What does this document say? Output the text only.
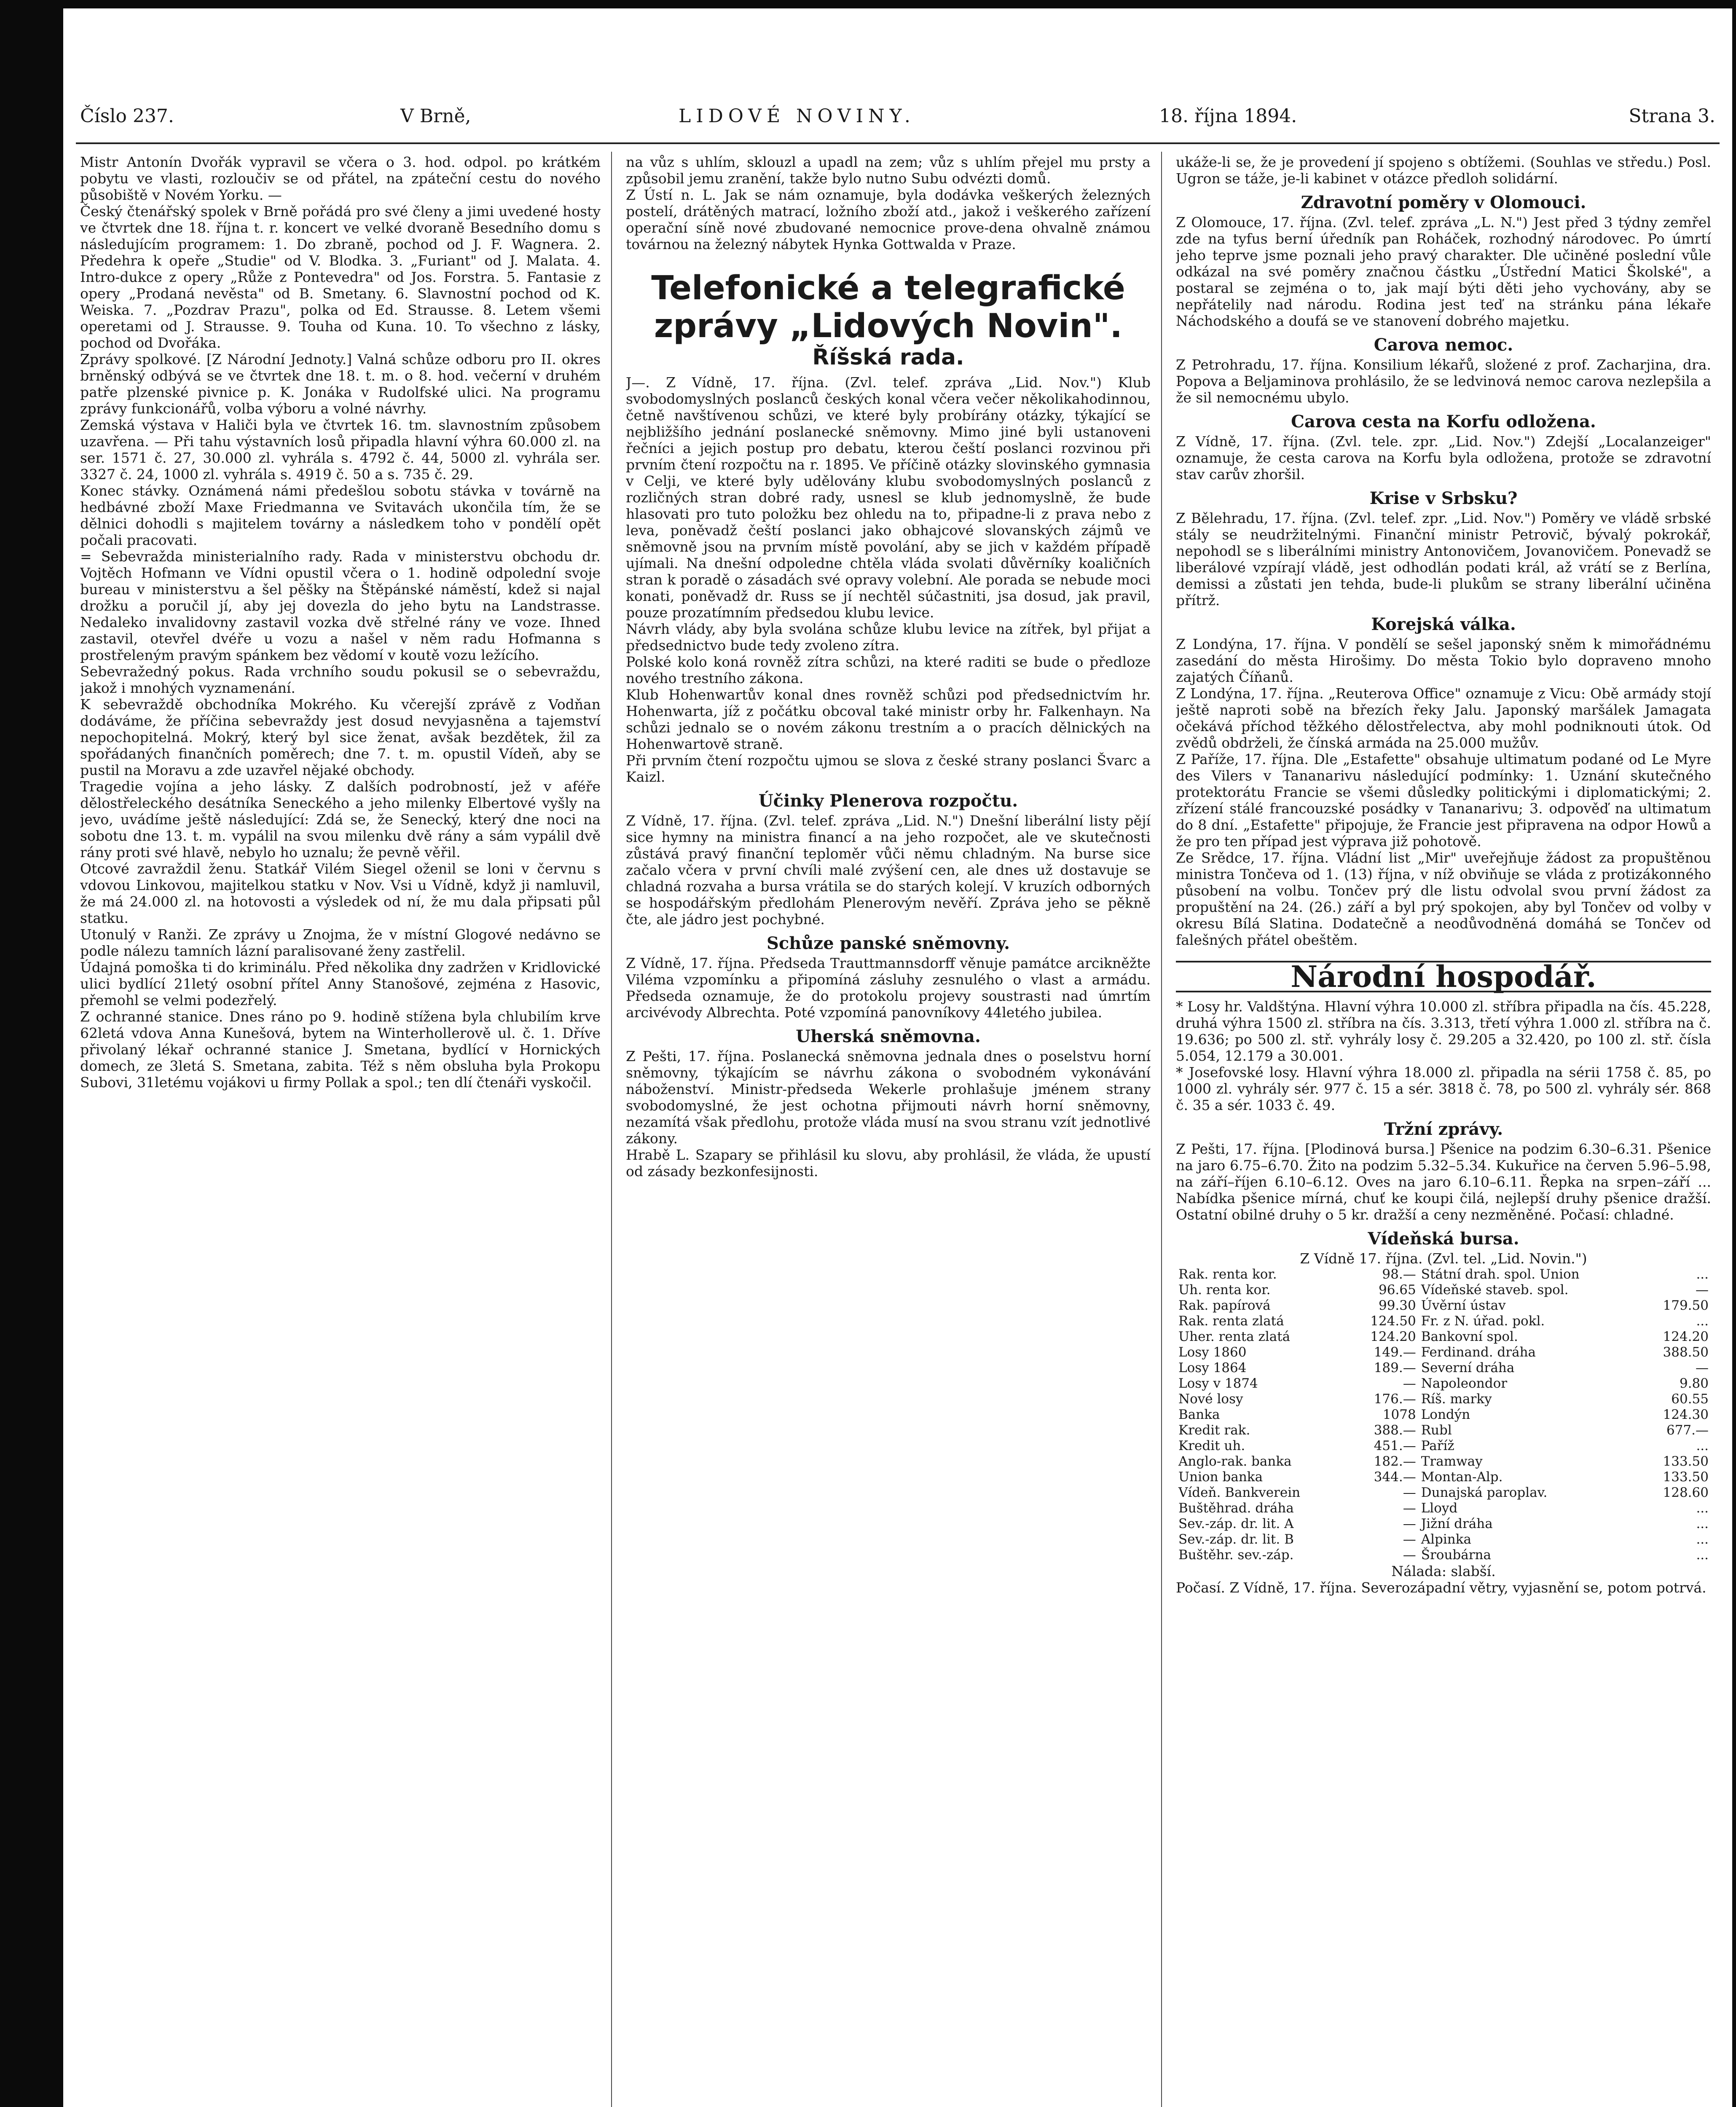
Číslo 237.	V Brně,	LIDOVÉ NOVINY.	18. října 1894.	Strana 3.

Mistr Antonín Dvořák vypravil se včera o 3. hod. odpol. po krátkém pobytu ve vlasti, rozloučiv se od přátel, na zpáteční cestu do nového působiště v Novém Yorku. —

Český čtenářský spolek v Brně pořádá pro své členy a jimi uvedené hosty ve čtvrtek dne 18. října t. r. koncert ve velké dvoraně Besedního domu s následujícím programem: 1. Do zbraně, pochod od J. F. Wagnera. 2. Předehra k opeře „Studie" od V. Blodka. 3. „Furiant" od J. Malata. 4. Intro-dukce z opery „Růže z Pontevedra" od Jos. Forstra. 5. Fantasie z opery „Prodaná nevěsta" od B. Smetany. 6. Slavnostní pochod od K. Weiska. 7. „Pozdrav Prazu", polka od Ed. Strausse. 8. Letem všemi operetami od J. Strausse. 9. Touha od Kuna. 10. To všechno z lásky, pochod od Dvořáka.

Zprávy spolkové. [Z Národní Jednoty.] Valná schůze odboru pro II. okres brněnský odbývá se ve čtvrtek dne 18. t. m. o 8. hod. večerní v druhém patře plzenské pivnice p. K. Jonáka v Rudolfské ulici. Na programu zprávy funkcionářů, volba výboru a volné návrhy.

Zemská výstava v Haliči byla ve čtvrtek 16. tm. slavnostním způsobem uzavřena. — Při tahu výstavních losů připadla hlavní výhra 60.000 zl. na ser. 1571 č. 27, 30.000 zl. vyhrála s. 4792 č. 44, 5000 zl. vyhrála ser. 3327 č. 24, 1000 zl. vyhrála s. 4919 č. 50 a s. 735 č. 29.

Konec stávky. Oznámená námi předešlou sobotu stávka v továrně na hedbávné zboží Maxe Friedmanna ve Svitavách ukončila tím, že se dělnici dohodli s majitelem továrny a následkem toho v pondělí opět počali pracovati.

= Sebevražda ministerialního rady. Rada v ministerstvu obchodu dr. Vojtěch Hofmann ve Vídni opustil včera o 1. hodině odpolední svoje bureau v ministerstvu a šel pěšky na Štěpánské náměstí, kdež si najal drožku a poručil jí, aby jej dovezla do jeho bytu na Landstrasse. Nedaleko invalidovny zastavil vozka dvě střelné rány ve voze. Ihned zastavil, otevřel dvéře u vozu a našel v něm radu Hofmanna s prostřeleným pravým spánkem bez vědomí v koutě vozu ležícího.

Sebevražedný pokus. Rada vrchního soudu pokusil se o sebevraždu, jakož i mnohých vyznamenání.

K sebevraždě obchodníka Mokrého. Ku včerejší zprávě z Vodňan dodáváme, že příčina sebevraždy jest dosud nevyjasněna a tajemství nepochopitelná. Mokrý, který byl sice ženat, avšak bezdětek, žil za spořádaných finančních poměrech; dne 7. t. m. opustil Vídeň, aby se pustil na Moravu a zde uzavřel nějaké obchody.

Tragedie vojína a jeho lásky. Z dalších podrobností, jež v aféře dělostřeleckého desátníka Seneckého a jeho milenky Elbertové vyšly na jevo, uvádíme ještě následující: Zdá se, že Senecký, který dne noci na sobotu dne 13. t. m. vypálil na svou milenku dvě rány a sám vypálil dvě rány proti své hlavě, nebylo ho uznalu; že pevně věřil.

Otcové zavraždil ženu. Statkář Vilém Siegel oženil se loni v červnu s vdovou Linkovou, majitelkou statku v Nov. Vsi u Vídně, když ji namluvil, že má 24.000 zl. na hotovosti a výsledek od ní, že mu dala připsati půl statku.

Utonulý v Ranži. Ze zprávy u Znojma, že v místní Glogové nedávno se podle nálezu tamních lázní paralisované ženy zastřelil.

Údajná pomoška ti do kriminálu. Před několika dny zadržen v Kridlovické ulici bydlící 21letý osobní přítel Anny Stanošové, zejména z Hasovic, přemohl se velmi podezřelý.

Z ochranné stanice. Dnes ráno po 9. hodině stížena byla chlubilím krve 62letá vdova Anna Kunešová, bytem na Winterhollerově ul. č. 1. Dříve přivolaný lékař ochranné stanice J. Smetana, bydlící v Hornických domech, ze 3letá S. Smetana, zabita. Též s něm obsluha byla Prokopu Subovi, 31letému vojákovi u firmy Pollak a spol.; ten dlí čtenáři vyskočil.

na vůz s uhlím, sklouzl a upadl na zem; vůz s uhlím přejel mu prsty a způsobil jemu zranění, takže bylo nutno Subu odvézti domů.

Z Ústí n. L. Jak se nám oznamuje, byla dodávka veškerých železných postelí, drátěných matrací, ložního zboží atd., jakož i veškerého zařízení operační síně nové zbudované nemocnice prove-dena ohvalně známou továrnou na železný nábytek Hynka Gottwalda v Praze.

Telefonické a telegrafické zprávy „Lidových Novin".
Říšská rada.

J—. Z Vídně, 17. října. (Zvl. telef. zpráva „Lid. Nov.") Klub svobodomyslných poslanců českých konal včera večer několikahodinnou, četně navštívenou schůzi, ve které byly probírány otázky, týkající se nejbližšího jednání poslanecké sněmovny. Mimo jiné byli ustanoveni řečníci a jejich postup pro debatu, kterou čeští poslanci rozvinou při prvním čtení rozpočtu na r. 1895. Ve příčině otázky slovinského gymnasia v Celji, ve které byly udělovány klubu svobodomyslných poslanců z rozličných stran dobré rady, usnesl se klub jednomyslně, že bude hlasovati pro tuto položku bez ohledu na to, připadne-li z prava nebo z leva, poněvadž čeští poslanci jako obhajcové slovanských zájmů ve sněmovně jsou na prvním místě povolání, aby se jich v každém případě ujímali. Na dnešní odpoledne chtěla vláda svolati důvěrníky koaličních stran k poradě o zásadách své opravy volební. Ale porada se nebude moci konati, poněvadž dr. Russ se jí nechtěl súčastniti, jsa dosud, jak pravil, pouze prozatímním předsedou klubu levice.

Návrh vlády, aby byla svolána schůze klubu levice na zítřek, byl přijat a předsednictvo bude tedy zvoleno zítra.

Polské kolo koná rovněž zítra schůzi, na které raditi se bude o předloze nového trestního zákona.

Klub Hohenwartův konal dnes rovněž schůzi pod předsednictvím hr. Hohenwarta, jíž z počátku obcoval také ministr orby hr. Falkenhayn. Na schůzi jednalo se o novém zákonu trestním a o pracích dělnických na Hohenwartově straně.

Při prvním čtení rozpočtu ujmou se slova z české strany poslanci Švarc a Kaizl.

Účinky Plenerova rozpočtu.

Z Vídně, 17. října. (Zvl. telef. zpráva „Lid. N.") Dnešní liberální listy pějí sice hymny na ministra financí a na jeho rozpočet, ale ve skutečnosti zůstává pravý finanční teploměr vůči němu chladným. Na burse sice začalo včera v první chvíli malé zvýšení cen, ale dnes už dostavuje se chladná rozvaha a bursa vrátila se do starých kolejí. V kruzích odborných se hospodářským předlohám Plenerovým nevěří. Zpráva jeho se pěkně čte, ale jádro jest pochybné.

Schůze panské sněmovny.

Z Vídně, 17. října. Předseda Trauttmannsdorff věnuje památce arcikněžte Viléma vzpomínku a připomíná zásluhy zesnulého o vlast a armádu. Předseda oznamuje, že do protokolu projevy soustrasti nad úmrtím arcivévody Albrechta. Poté vzpomíná panovníkovy 44letého jubilea.

Uherská sněmovna.

Z Pešti, 17. října. Poslanecká sněmovna jednala dnes o poselstvu horní sněmovny, týkajícím se návrhu zákona o svobodném vykonávání náboženství. Ministr-předseda Wekerle prohlašuje jménem strany svobodomyslné, že jest ochotna přijmouti návrh horní sněmovny, nezamítá však předlohu, protože vláda musí na svou stranu vzít jednotlivé zákony.

Hrabě L. Szapary se přihlásil ku slovu, aby prohlásil, že vláda, že upustí od zásady bezkonfesijnosti.

ukáže-li se, že je provedení jí spojeno s obtížemi. (Souhlas ve středu.) Posl. Ugron se táže, je-li kabinet v otázce předloh solidární.

Zdravotní poměry v Olomouci.

Z Olomouce, 17. října. (Zvl. telef. zpráva „L. N.") Jest před 3 týdny zemřel zde na tyfus berní úředník pan Roháček, rozhodný národovec. Po úmrtí jeho teprve jsme poznali jeho pravý charakter. Dle učiněné poslední vůle odkázal na své poměry značnou částku „Ústřední Matici Školské", a postaral se zejména o to, jak mají býti děti jeho vychovány, aby se nepřátelily nad národu. Rodina jest teď na stránku pána lékaře Náchodského a doufá se ve stanovení dobrého majetku.

Carova nemoc.

Z Petrohradu, 17. října. Konsilium lékařů, složené z prof. Zacharjina, dra. Popova a Beljaminova prohlásilo, že se ledvinová nemoc carova nezlepšila a že sil nemocnému ubylo.

Carova cesta na Korfu odložena.

Z Vídně, 17. října. (Zvl. tele. zpr. „Lid. Nov.") Zdejší „Localanzeiger" oznamuje, že cesta carova na Korfu byla odložena, protože se zdravotní stav carův zhoršil.

Krise v Srbsku?

Z Bělehradu, 17. října. (Zvl. telef. zpr. „Lid. Nov.") Poměry ve vládě srbské stály se neudržitelnými. Finanční ministr Petrovič, bývalý pokrokář, nepohodl se s liberálními ministry Antonovičem, Jovanovičem. Ponevadž se liberálové vzpírají vládě, jest odhodlán podati král, až vrátí se z Berlína, demissi a zůstati jen tehda, bude-li plukům se strany liberální učiněna přítrž.

Korejská válka.

Z Londýna, 17. října. V pondělí se sešel japonský sněm k mimořádnému zasedání do města Hirošimy. Do města Tokio bylo dopraveno mnoho zajatých Číňanů.

Z Londýna, 17. října. „Reuterova Office" oznamuje z Vicu: Obě armády stojí ještě naproti sobě na březích řeky Jalu. Japonský maršálek Jamagata očekává příchod těžkého dělostřelectva, aby mohl podniknouti útok. Od zvědů obdrželi, že čínská armáda na 25.000 mužův.

Z Paříže, 17. října. Dle „Estafette" obsahuje ultimatum podané od Le Myre des Vilers v Tananarivu následující podmínky: 1. Uznání skutečného protektorátu Francie se všemi důsledky politickými i diplomatickými; 2. zřízení stálé francouzské posádky v Tananarivu; 3. odpověď na ultimatum do 8 dní. „Estafette" připojuje, že Francie jest připravena na odpor Howů a že pro ten případ jest výprava již pohotově.

Ze Srědce, 17. října. Vládní list „Mir" uveřejňuje žádost za propuštěnou ministra Tončeva od 1. (13) října, v níž obviňuje se vláda z protizákonného působení na volbu. Tončev prý dle listu odvolal svou první žádost za propuštění na 24. (26.) září a byl prý spokojen, aby byl Tončev od volby v okresu Bílá Slatina. Dodatečně a neodůvodněná domáhá se Tončev od falešných přátel obeštěm.

Národní hospodář.

* Losy hr. Valdštýna. Hlavní výhra 10.000 zl. stříbra připadla na čís. 45.228, druhá výhra 1500 zl. stříbra na čís. 3.313, třetí výhra 1.000 zl. stříbra na č. 19.636; po 500 zl. stř. vyhrály losy č. 29.205 a 32.420, po 100 zl. stř. čísla 5.054, 12.179 a 30.001.

* Josefovské losy. Hlavní výhra 18.000 zl. připadla na sérii 1758 č. 85, po 1000 zl. vyhrály sér. 977 č. 15 a sér. 3818 č. 78, po 500 zl. vyhrály sér. 868 č. 35 a sér. 1033 č. 49.

Tržní zprávy.

Z Pešti, 17. října. [Plodinová bursa.] Pšenice na podzim 6.30–6.31. Pšenice na jaro 6.75–6.70. Žito na podzim 5.32–5.34. Kukuřice na červen 5.96–5.98, na září–říjen 6.10–6.12. Oves na jaro 6.10–6.11. Řepka na srpen–září ... Nabídka pšenice mírná, chuť ke koupi čilá, nejlepší druhy pšenice dražší. Ostatní obilné druhy o 5 kr. dražší a ceny nezměněné. Počasí: chladné.

Vídeňská bursa.
Z Vídně 17. října. (Zvl. tel. „Lid. Novin.")
Rak. renta kor.	98.—	Státní drah. spol. Union	...
Uh. renta kor.	96.65	Vídeňské staveb. spol.	—
Rak. papírová	99.30	Úvěrní ústav	179.50
Rak. renta zlatá	124.50	Fr. z N. úřad. pokl.	...
Uher. renta zlatá	124.20	Bankovní spol.	124.20
Losy 1860	149.—	Ferdinand. dráha	388.50
Losy 1864	189.—	Severní dráha	—
Losy v 1874	—	Napoleondor	9.80
Nové losy	176.—	Ríš. marky	60.55
Banka	1078	Londýn	124.30
Kredit rak.	388.—	Rubl	677.—
Kredit uh.	451.—	Paříž	...
Anglo-rak. banka	182.—	Tramway	133.50
Union banka	344.—	Montan-Alp.	133.50
Vídeň. Bankverein	—	Dunajská paroplav.	128.60
Buštěhrad. dráha	—	Lloyd	...
Sev.-záp. dr. lit. A	—	Jižní dráha	...
Sev.-záp. dr. lit. B	—	Alpinka	...
Buštěhr. sev.-záp.	—	Šroubárna	...
Náladа: slabší.

Počasí. Z Vídně, 17. října. Severozápadní větry, vyjasnění se, potom potrvá.
